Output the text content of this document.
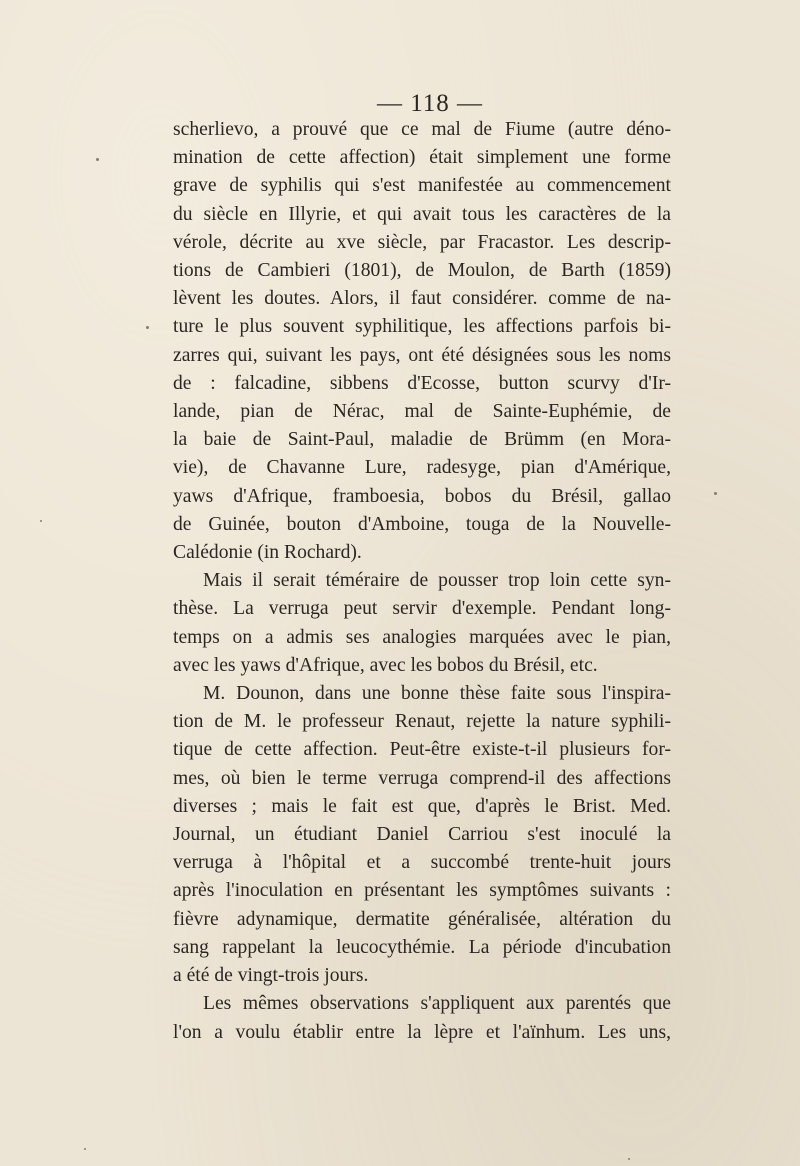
— 118 —
scherlievo, a prouvé que ce mal de Fiume (autre déno-
mination de cette affection) était simplement une forme
grave de syphilis qui s'est manifestée au commencement
du siècle en Illyrie, et qui avait tous les caractères de la
vérole, décrite au xve siècle, par Fracastor. Les descrip-
tions de Cambieri (1801), de Moulon, de Barth (1859)
lèvent les doutes. Alors, il faut considérer. comme de na-
ture le plus souvent syphilitique, les affections parfois bi-
zarres qui, suivant les pays, ont été désignées sous les noms
de : falcadine, sibbens d'Ecosse, button scurvy d'Ir-
lande, pian de Nérac, mal de Sainte-Euphémie, de
la baie de Saint-Paul, maladie de Brümm (en Mora-
vie), de Chavanne Lure, radesyge, pian d'Amérique,
yaws d'Afrique, framboesia, bobos du Brésil, gallao
de Guinée, bouton d'Amboine, touga de la Nouvelle-
Calédonie (in Rochard).
Mais il serait téméraire de pousser trop loin cette syn-
thèse. La verruga peut servir d'exemple. Pendant long-
temps on a admis ses analogies marquées avec le pian,
avec les yaws d'Afrique, avec les bobos du Brésil, etc.
M. Dounon, dans une bonne thèse faite sous l'inspira-
tion de M. le professeur Renaut, rejette la nature syphili-
tique de cette affection. Peut-être existe-t-il plusieurs for-
mes, où bien le terme verruga comprend-il des affections
diverses ; mais le fait est que, d'après le Brist. Med.
Journal, un étudiant Daniel Carriou s'est inoculé la
verruga à l'hôpital et a succombé trente-huit jours
après l'inoculation en présentant les symptômes suivants :
fièvre adynamique, dermatite généralisée, altération du
sang rappelant la leucocythémie. La période d'incubation
a été de vingt-trois jours.
Les mêmes observations s'appliquent aux parentés que
l'on a voulu établir entre la lèpre et l'aïnhum. Les uns,
